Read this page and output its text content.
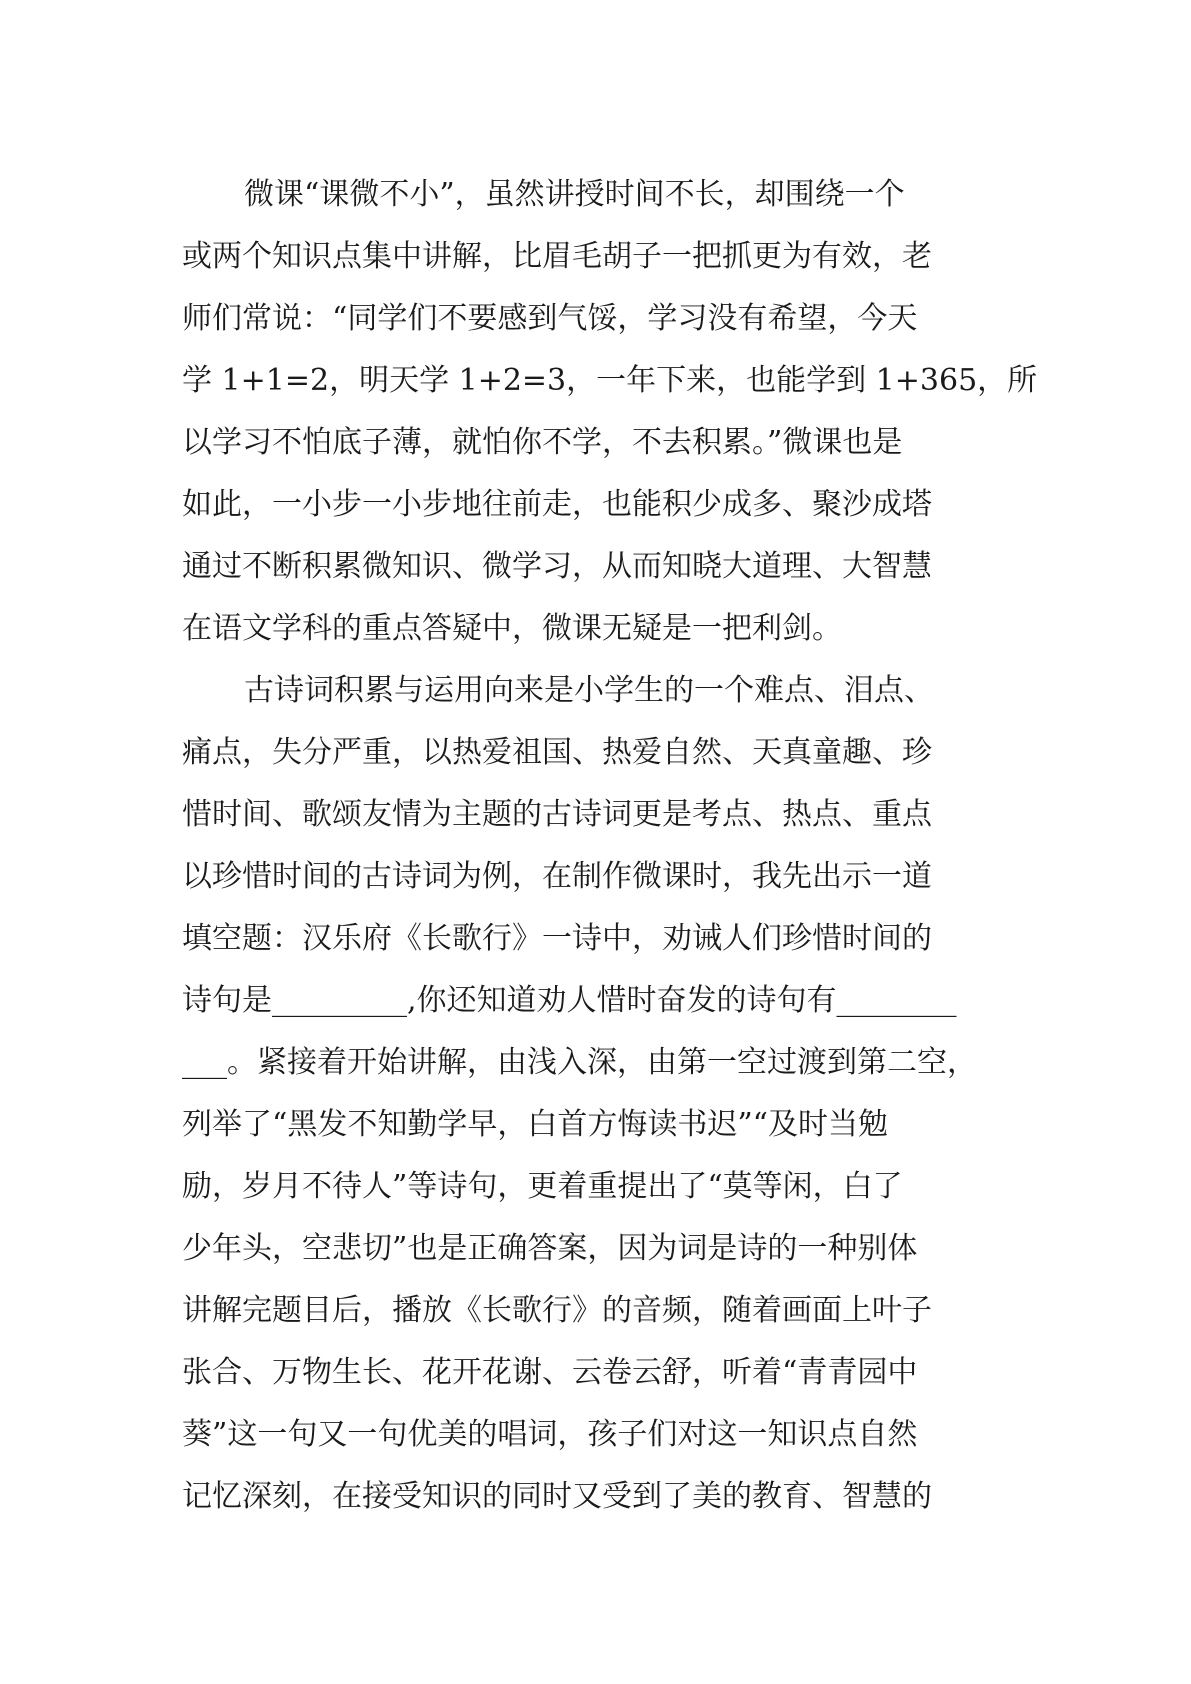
微课“课微不小”，虽然讲授时间不长，却围绕一个
或两个知识点集中讲解，比眉毛胡子一把抓更为有效，老
师们常说：“同学们不要感到气馁，学习没有希望，今天
学 1+1=2，明天学 1+2=3，一年下来，也能学到 1+365，所
以学习不怕底子薄，就怕你不学，不去积累。”微课也是
如此，一小步一小步地往前走，也能积少成多、聚沙成塔
通过不断积累微知识、微学习，从而知晓大道理、大智慧
在语文学科的重点答疑中，微课无疑是一把利剑。
古诗词积累与运用向来是小学生的一个难点、泪点、
痛点，失分严重，以热爱祖国、热爱自然、天真童趣、珍
惜时间、歌颂友情为主题的古诗词更是考点、热点、重点
以珍惜时间的古诗词为例，在制作微课时，我先出示一道
填空题：汉乐府《长歌行》一诗中，劝诫人们珍惜时间的
诗句是_________,你还知道劝人惜时奋发的诗句有________
___。紧接着开始讲解，由浅入深，由第一空过渡到第二空，
列举了“黑发不知勤学早，白首方悔读书迟”“及时当勉
励，岁月不待人”等诗句，更着重提出了“莫等闲，白了
少年头，空悲切”也是正确答案，因为词是诗的一种别体
讲解完题目后，播放《长歌行》的音频，随着画面上叶子
张合、万物生长、花开花谢、云卷云舒，听着“青青园中
葵”这一句又一句优美的唱词，孩子们对这一知识点自然
记忆深刻，在接受知识的同时又受到了美的教育、智慧的
